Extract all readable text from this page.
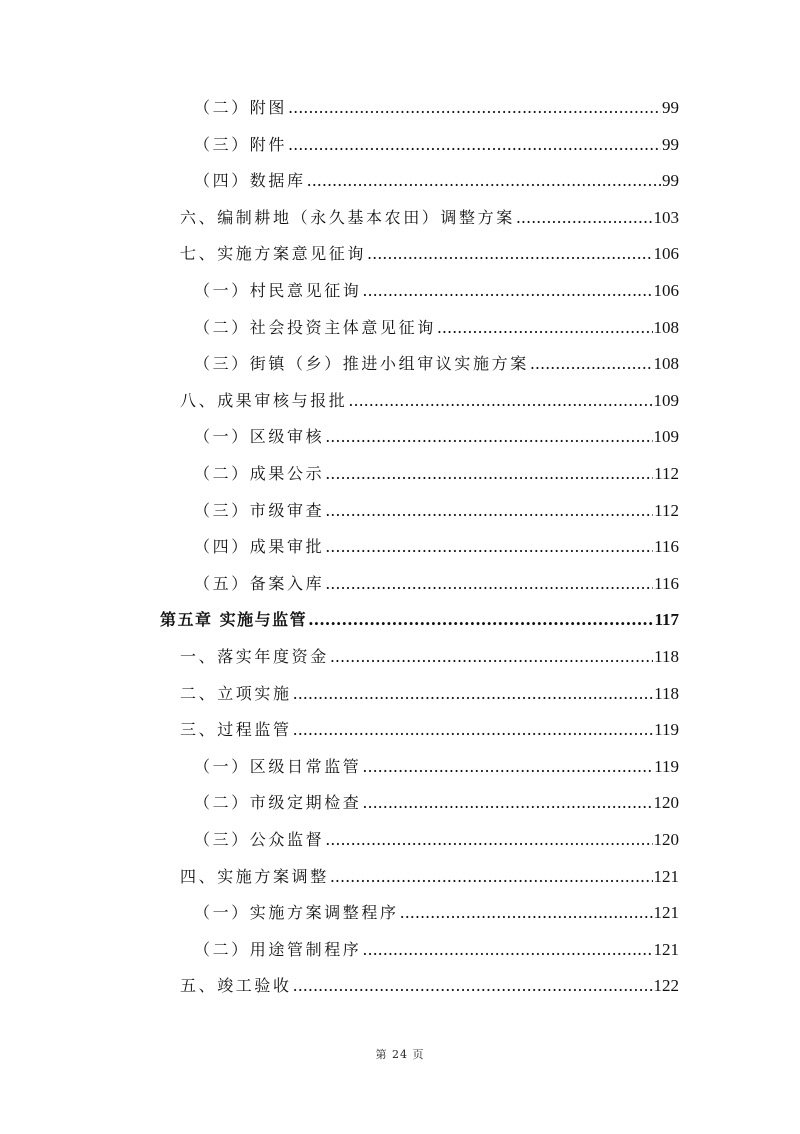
（二）附图 .....	99
（三）附件 .....	99
（四）数据库 .....	99
六、编制耕地（永久基本农田）调整方案 .....	103
七、实施方案意见征询 .....	106
（一）村民意见征询 .....	106
（二）社会投资主体意见征询 .....	108
（三）街镇（乡）推进小组审议实施方案 .....	108
八、成果审核与报批 .....	109
（一）区级审核 .....	109
（二）成果公示 .....	112
（三）市级审查 .....	112
（四）成果审批 .....	116
（五）备案入库 .....	116
第五章 实施与监管 .....	117
一、落实年度资金 .....	118
二、立项实施 .....	118
三、过程监管 .....	119
（一）区级日常监管 .....	119
（二）市级定期检查 .....	120
（三）公众监督 .....	120
四、实施方案调整 .....	121
（一）实施方案调整程序 .....	121
（二）用途管制程序 .....	121
五、竣工验收 .....	122
第 24 页
